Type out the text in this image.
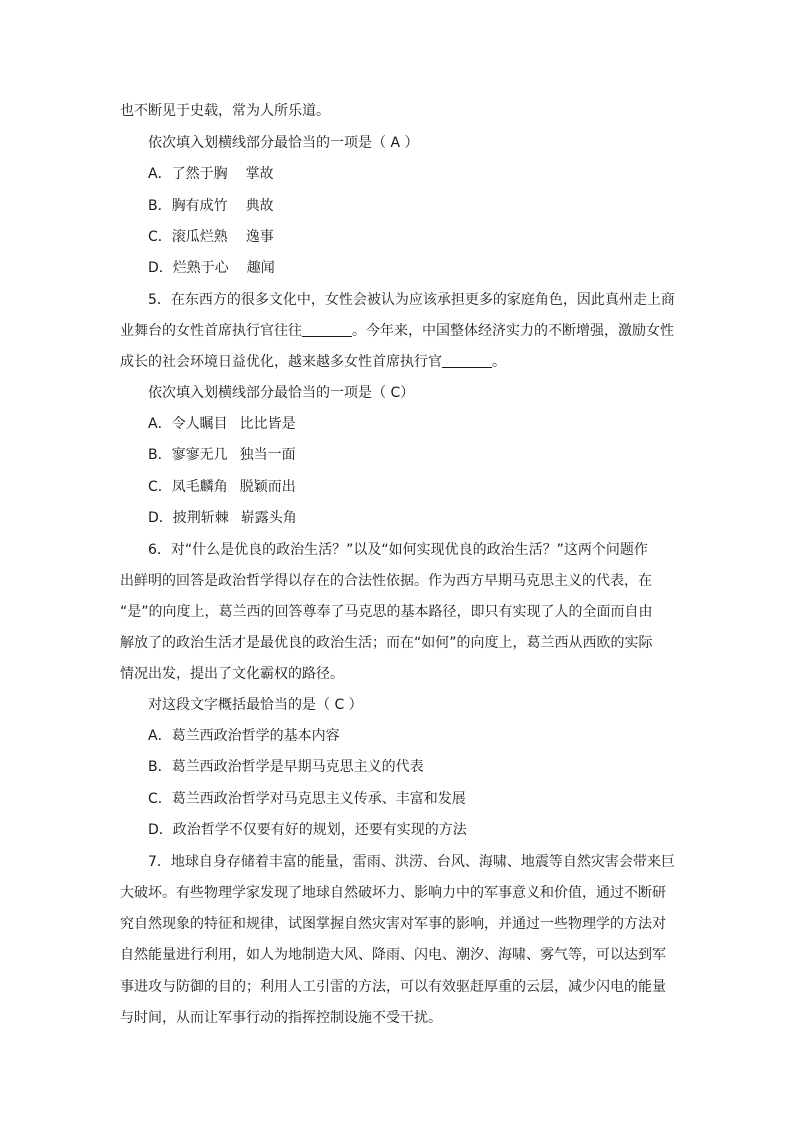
也不断见于史载，常为人所乐道。
依次填入划横线部分最恰当的一项是（ A ）
A．了然于胸 掌故
B．胸有成竹 典故
C．滚瓜烂熟 逸事
D．烂熟于心 趣闻
5．在东西方的很多文化中，女性会被认为应该承担更多的家庭角色，因此真州走上商
业舞台的女性首席执行官往往	。今年来，中国整体经济实力的不断增强，激励女性
成长的社会环境日益优化，越来越多女性首席执行官	。
依次填入划横线部分最恰当的一项是（ C）
A．令人瞩目 比比皆是
B．寥寥无几 独当一面
C．凤毛麟角 脱颖而出
D．披荆斩棘 崭露头角
6．对“什么是优良的政治生活？”以及“如何实现优良的政治生活？”这两个问题作
出鲜明的回答是政治哲学得以存在的合法性依据。作为西方早期马克思主义的代表，在
“是”的向度上，葛兰西的回答尊奉了马克思的基本路径，即只有实现了人的全面而自由
解放了的政治生活才是最优良的政治生活；而在“如何”的向度上，葛兰西从西欧的实际
情况出发，提出了文化霸权的路径。
对这段文字概括最恰当的是（ C ）
A．葛兰西政治哲学的基本内容
B．葛兰西政治哲学是早期马克思主义的代表
C．葛兰西政治哲学对马克思主义传承、丰富和发展
D．政治哲学不仅要有好的规划，还要有实现的方法
7．地球自身存储着丰富的能量，雷雨、洪涝、台风、海啸、地震等自然灾害会带来巨
大破坏。有些物理学家发现了地球自然破坏力、影响力中的军事意义和价值，通过不断研
究自然现象的特征和规律，试图掌握自然灾害对军事的影响，并通过一些物理学的方法对
自然能量进行利用，如人为地制造大风、降雨、闪电、潮汐、海啸、雾气等，可以达到军
事进攻与防御的目的；利用人工引雷的方法，可以有效驱赶厚重的云层，减少闪电的能量
与时间，从而让军事行动的指挥控制设施不受干扰。
